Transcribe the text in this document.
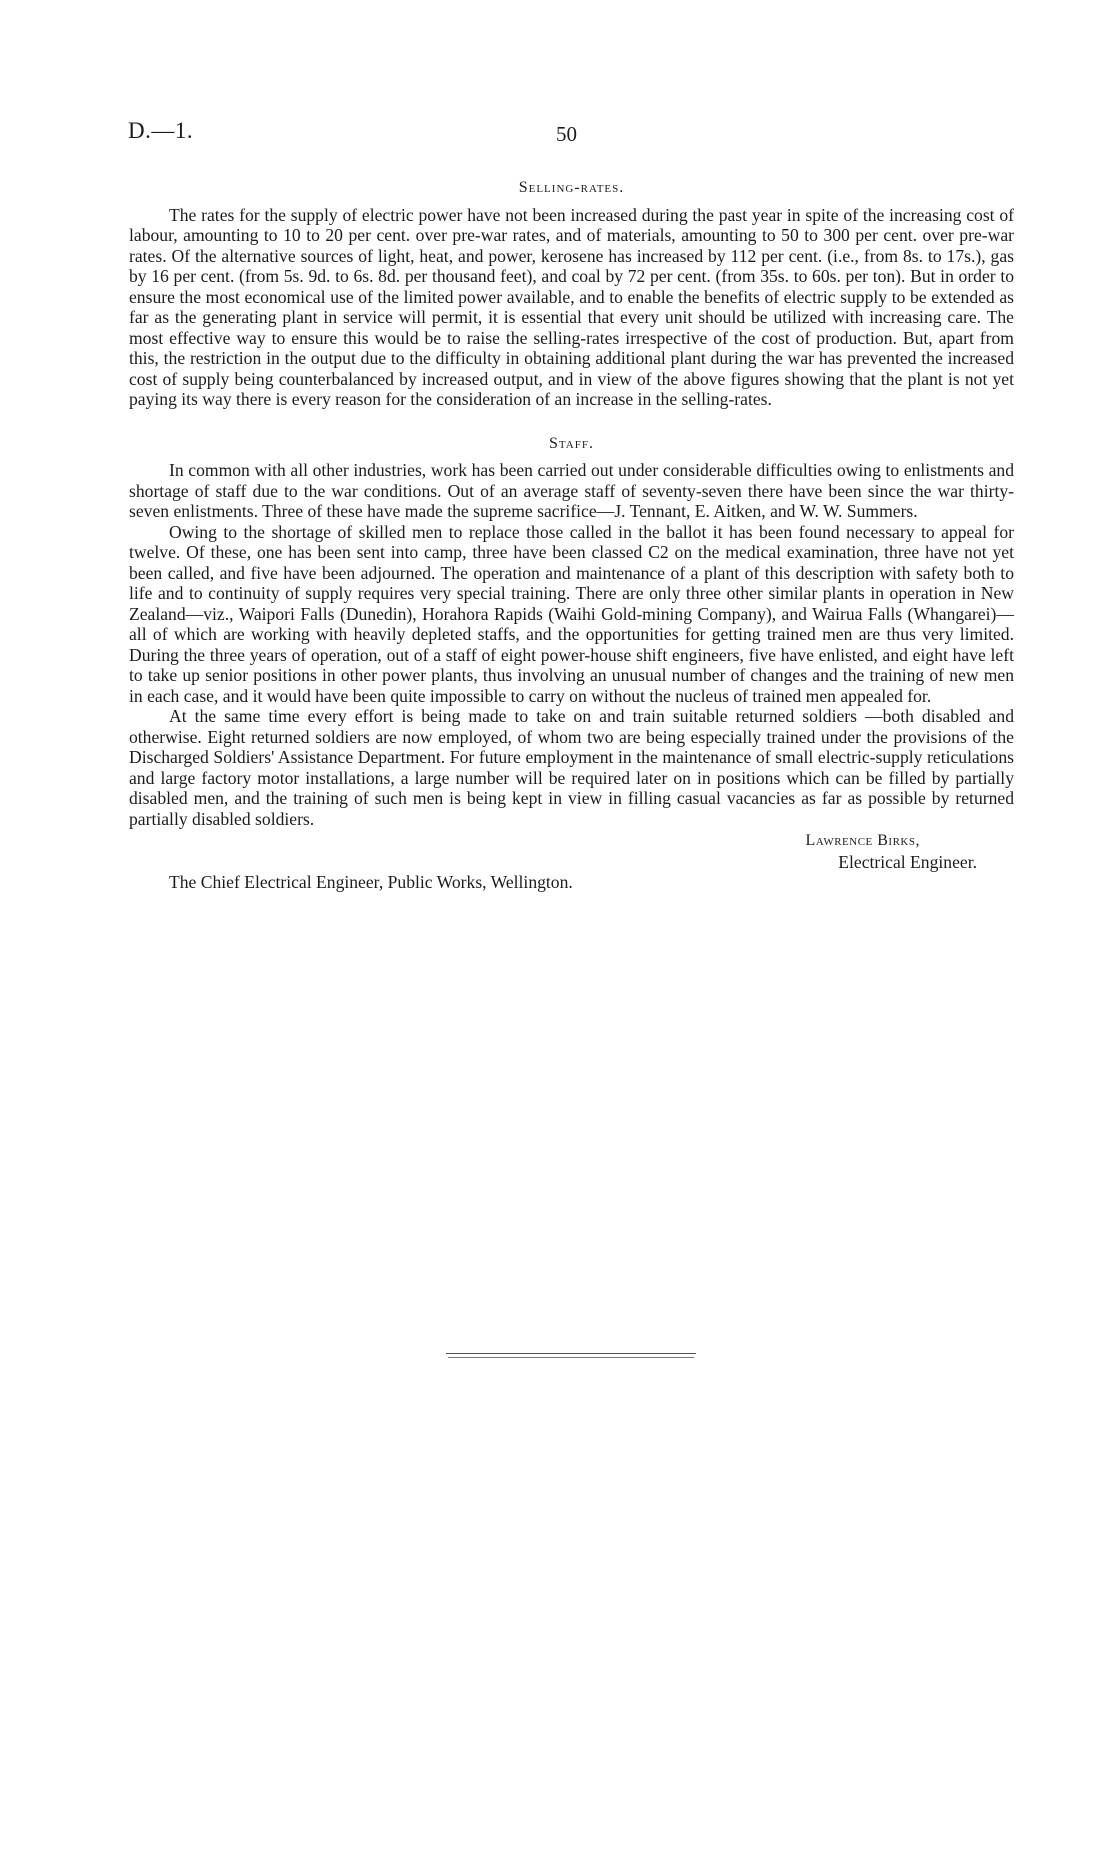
D.—1.	50
Selling-rates.

The rates for the supply of electric power have not been increased during the past year in spite of the increasing cost of labour, amounting to 10 to 20 per cent. over pre-war rates, and of materials, amounting to 50 to 300 per cent. over pre-war rates. Of the alternative sources of light, heat, and power, kerosene has increased by 112 per cent. (i.e., from 8s. to 17s.), gas by 16 per cent. (from 5s. 9d. to 6s. 8d. per thousand feet), and coal by 72 per cent. (from 35s. to 60s. per ton). But in order to ensure the most economical use of the limited power available, and to enable the benefits of electric supply to be extended as far as the generating plant in service will permit, it is essential that every unit should be utilized with increasing care. The most effective way to ensure this would be to raise the selling-rates irrespective of the cost of production. But, apart from this, the restriction in the output due to the difficulty in obtaining additional plant during the war has prevented the increased cost of supply being counterbalanced by increased output, and in view of the above figures showing that the plant is not yet paying its way there is every reason for the consideration of an increase in the selling-rates.

Staff.

In common with all other industries, work has been carried out under considerable difficulties owing to enlistments and shortage of staff due to the war conditions. Out of an average staff of seventy-seven there have been since the war thirty-seven enlistments. Three of these have made the supreme sacrifice—J. Tennant, E. Aitken, and W. W. Summers.

Owing to the shortage of skilled men to replace those called in the ballot it has been found necessary to appeal for twelve. Of these, one has been sent into camp, three have been classed C2 on the medical examination, three have not yet been called, and five have been adjourned. The operation and maintenance of a plant of this description with safety both to life and to continuity of supply requires very special training. There are only three other similar plants in operation in New Zealand—viz., Waipori Falls (Dunedin), Horahora Rapids (Waihi Gold-mining Company), and Wairua Falls (Whangarei)—all of which are working with heavily depleted staffs, and the opportunities for getting trained men are thus very limited. During the three years of operation, out of a staff of eight power-house shift engineers, five have enlisted, and eight have left to take up senior positions in other power plants, thus involving an unusual number of changes and the training of new men in each case, and it would have been quite impossible to carry on without the nucleus of trained men appealed for.

At the same time every effort is being made to take on and train suitable returned soldiers —both disabled and otherwise. Eight returned soldiers are now employed, of whom two are being especially trained under the provisions of the Discharged Soldiers' Assistance Department. For future employment in the maintenance of small electric-supply reticulations and large factory motor installations, a large number will be required later on in positions which can be filled by partially disabled men, and the training of such men is being kept in view in filling casual vacancies as far as possible by returned partially disabled soldiers.

Lawrence Birks,
Electrical Engineer.
The Chief Electrical Engineer, Public Works, Wellington.
